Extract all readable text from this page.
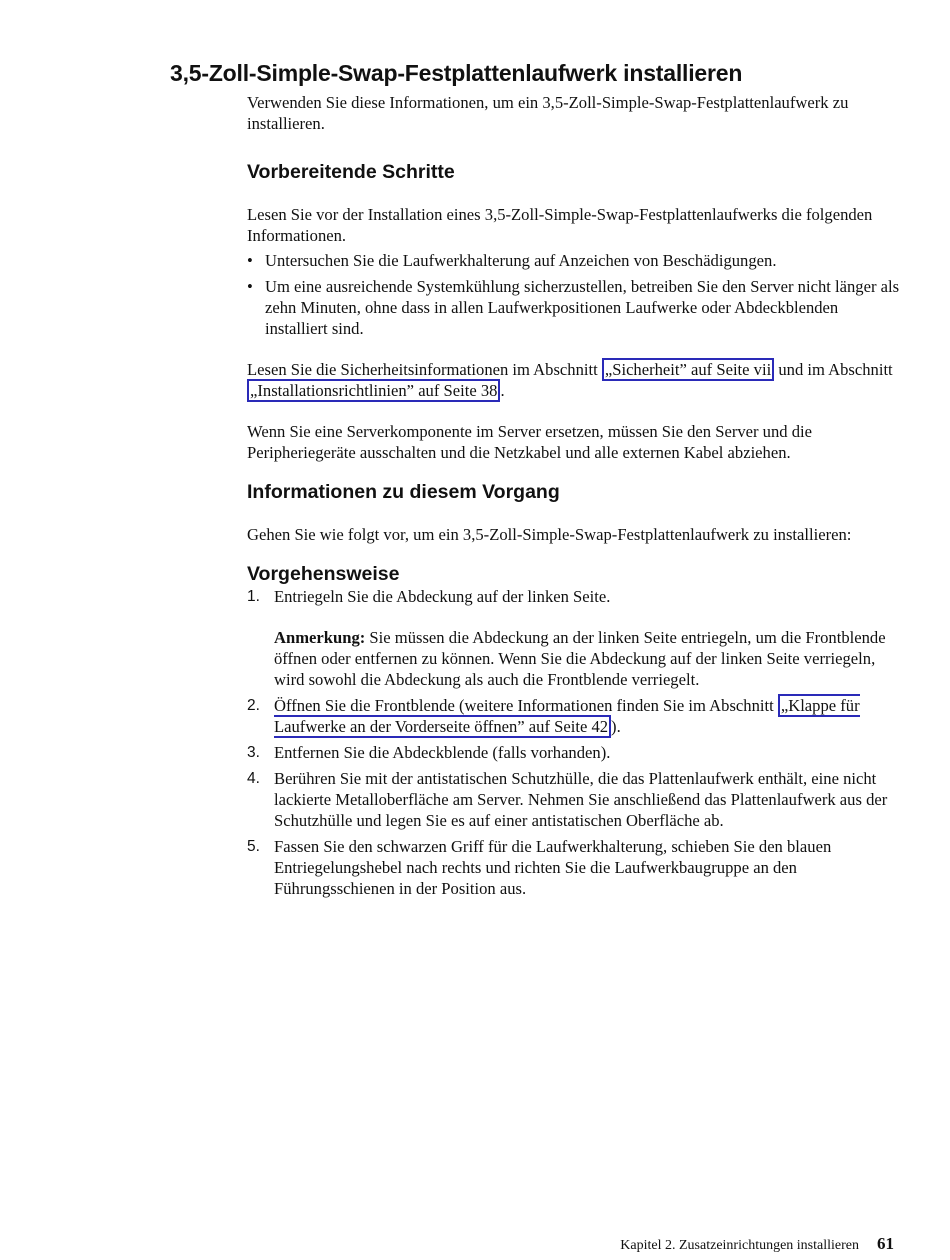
3,5-Zoll-Simple-Swap-Festplattenlaufwerk installieren

Verwenden Sie diese Informationen, um ein 3,5-Zoll-Simple-Swap-Festplattenlaufwerk zu installieren.

Vorbereitende Schritte

Lesen Sie vor der Installation eines 3,5-Zoll-Simple-Swap-Festplattenlaufwerks die folgenden Informationen.

• Untersuchen Sie die Laufwerkhalterung auf Anzeichen von Beschädigungen.
• Um eine ausreichende Systemkühlung sicherzustellen, betreiben Sie den Server nicht länger als zehn Minuten, ohne dass in allen Laufwerkpositionen Laufwerke oder Abdeckblenden installiert sind.

Lesen Sie die Sicherheitsinformationen im Abschnitt „Sicherheit” auf Seite vii und im Abschnitt „Installationsrichtlinien” auf Seite 38 .

Wenn Sie eine Serverkomponente im Server ersetzen, müssen Sie den Server und die Peripheriegeräte ausschalten und die Netzkabel und alle externen Kabel abziehen.

Informationen zu diesem Vorgang

Gehen Sie wie folgt vor, um ein 3,5-Zoll-Simple-Swap-Festplattenlaufwerk zu installieren:

Vorgehensweise
1. Entriegeln Sie die Abdeckung auf der linken Seite.

Anmerkung: Sie müssen die Abdeckung an der linken Seite entriegeln, um die Frontblende öffnen oder entfernen zu können. Wenn Sie die Abdeckung auf der linken Seite verriegeln, wird sowohl die Abdeckung als auch die Frontblende verriegelt.

2. Öffnen Sie die Frontblende (weitere Informationen finden Sie im Abschnitt „Klappe für Laufwerke an der Vorderseite öffnen” auf Seite 42 ).
3. Entfernen Sie die Abdeckblende (falls vorhanden).
4. Berühren Sie mit der antistatischen Schutzhülle, die das Plattenlaufwerk enthält, eine nicht lackierte Metalloberfläche am Server. Nehmen Sie anschließend das Plattenlaufwerk aus der Schutzhülle und legen Sie es auf einer antistatischen Oberfläche ab.
5. Fassen Sie den schwarzen Griff für die Laufwerkhalterung, schieben Sie den blauen Entriegelungshebel nach rechts und richten Sie die Laufwerkbaugruppe an den Führungsschienen in der Position aus.
Kapitel 2. Zusatzeinrichtungen installieren 61
